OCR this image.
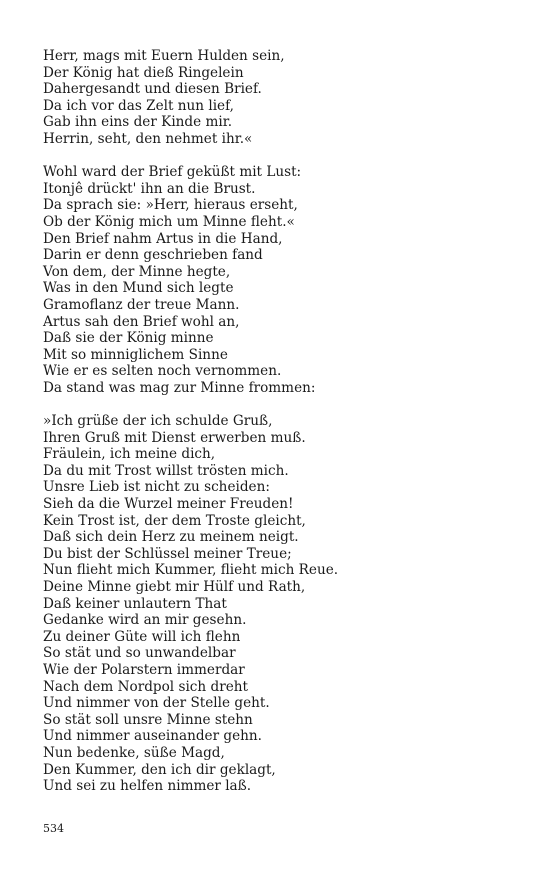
Herr, mags mit Euern Hulden sein,
Der König hat dieß Ringelein
Dahergesandt und diesen Brief.
Da ich vor das Zelt nun lief,
Gab ihn eins der Kinde mir.
Herrin, seht, den nehmet ihr.«
Wohl ward der Brief geküßt mit Lust:
Itonjê drückt' ihn an die Brust.
Da sprach sie: »Herr, hieraus erseht,
Ob der König mich um Minne fleht.«
Den Brief nahm Artus in die Hand,
Darin er denn geschrieben fand
Von dem, der Minne hegte,
Was in den Mund sich legte
Gramoflanz der treue Mann.
Artus sah den Brief wohl an,
Daß sie der König minne
Mit so minniglichem Sinne
Wie er es selten noch vernommen.
Da stand was mag zur Minne frommen:
»Ich grüße der ich schulde Gruß,
Ihren Gruß mit Dienst erwerben muß.
Fräulein, ich meine dich,
Da du mit Trost willst trösten mich.
Unsre Lieb ist nicht zu scheiden:
Sieh da die Wurzel meiner Freuden!
Kein Trost ist, der dem Troste gleicht,
Daß sich dein Herz zu meinem neigt.
Du bist der Schlüssel meiner Treue;
Nun flieht mich Kummer, flieht mich Reue.
Deine Minne giebt mir Hülf und Rath,
Daß keiner unlautern That
Gedanke wird an mir gesehn.
Zu deiner Güte will ich flehn
So stät und so unwandelbar
Wie der Polarstern immerdar
Nach dem Nordpol sich dreht
Und nimmer von der Stelle geht.
So stät soll unsre Minne stehn
Und nimmer auseinander gehn.
Nun bedenke, süße Magd,
Den Kummer, den ich dir geklagt,
Und sei zu helfen nimmer laß.
534
